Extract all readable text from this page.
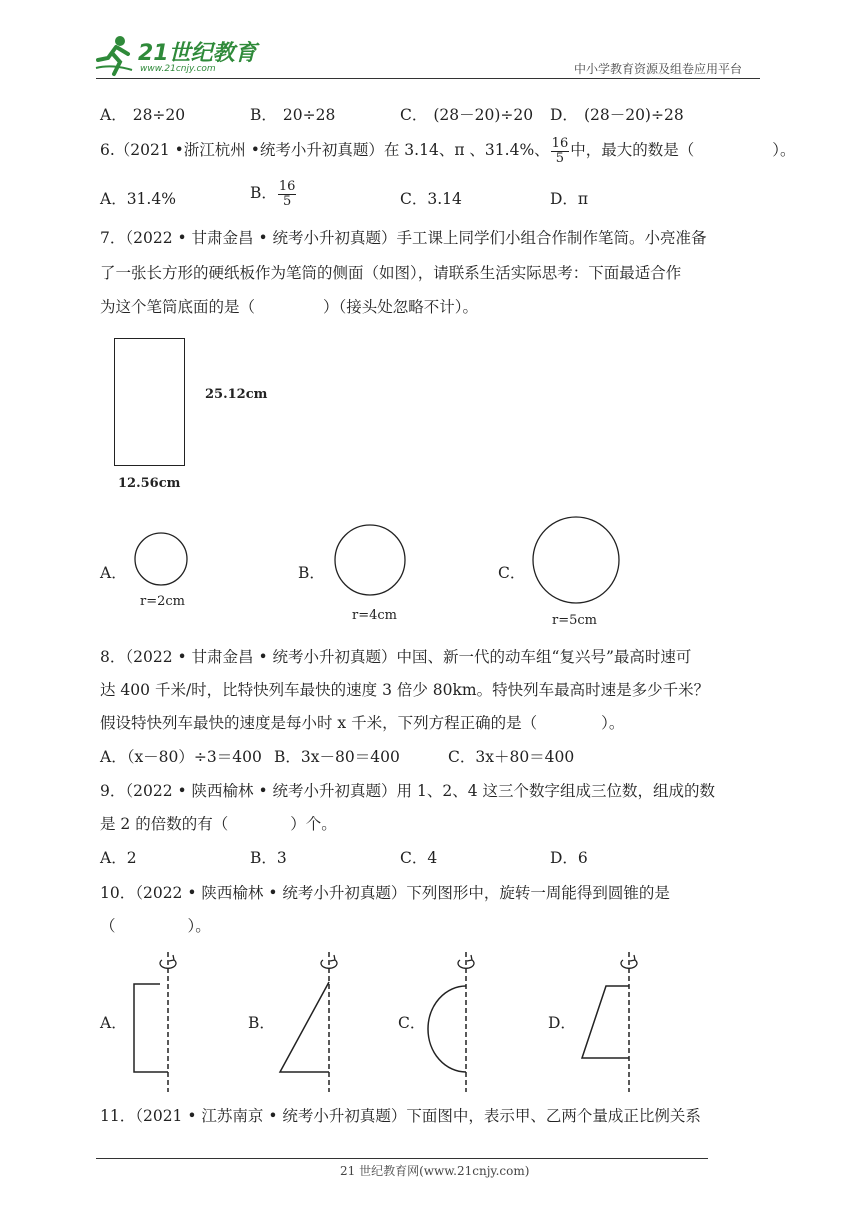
21世纪教育
www.21cnjy.com	中小学教育资源及组卷应用平台
A． 28÷20	B． 20÷28	C． (28－20)÷20 D． (28－20)÷28
6.（2021 •浙江杭州 •统考小升初真题）在 3.14、π 、31.4%、 $\frac{16}{5}$ 中，最大的数是（	）。
A．31.4%	B． $\frac{16}{5}$	C．3.14	D．π
7．（2022 • 甘肃金昌 • 统考小升初真题）手工课上同学们小组合作制作笔筒。小亮准备
了一张长方形的硬纸板作为笔筒的侧面（如图），请联系生活实际思考：下面最适合作
为这个笔筒底面的是（	）（接头处忽略不计）。
25.12cm
12.56cm
A．
r=2cm
B．
r=4cm
C．
r=5cm
8．（2022 • 甘肃金昌 • 统考小升初真题）中国、新一代的动车组“复兴号”最高时速可
达 400 千米/时，比特快列车最快的速度 3 倍少 80km。特快列车最高时速是多少千米？
假设特快列车最快的速度是每小时 x 千米，下列方程正确的是（	）。
A．（x－80）÷3＝400 B．3x－80＝400	C．3x＋80＝400
9．（2022 • 陕西榆林 • 统考小升初真题）用 1、2、4 这三个数字组成三位数，组成的数
是 2 的倍数的有（	）个。
A．2	B．3	C．4	D．6
10．（2022 • 陕西榆林 • 统考小升初真题）下列图形中，旋转一周能得到圆锥的是
（	）。
A．	B．	C．	D．
11．（2021 • 江苏南京 • 统考小升初真题）下面图中，表示甲、乙两个量成正比例关系
21 世纪教育网(www.21cnjy.com)
